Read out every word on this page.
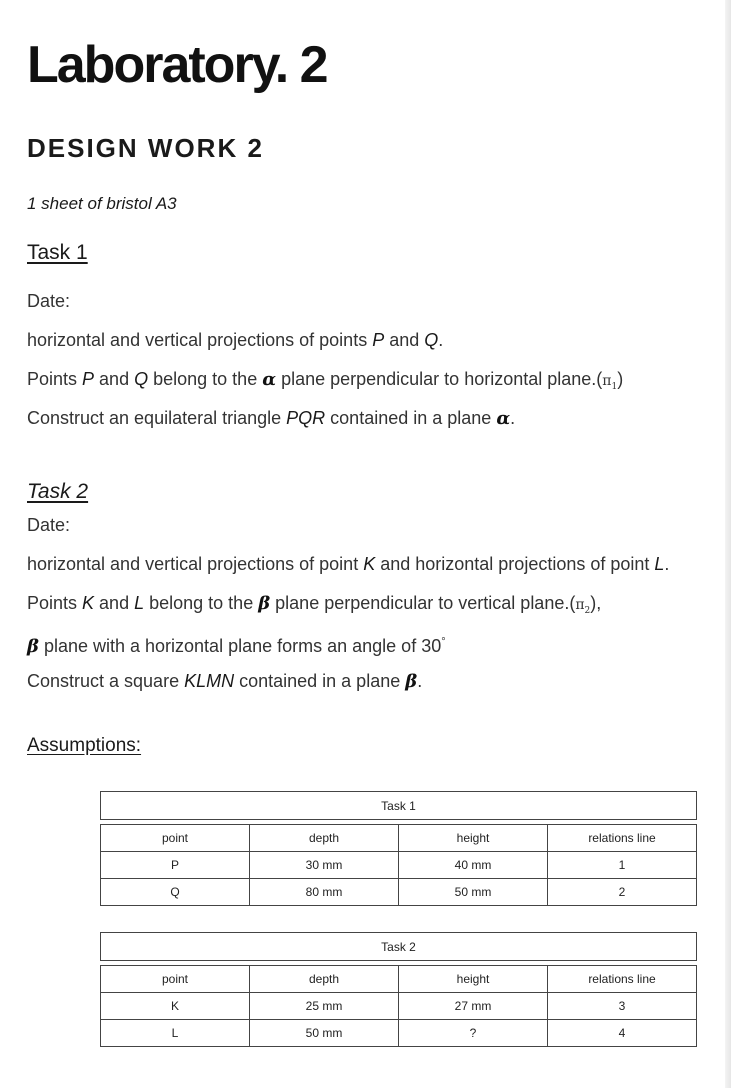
Laboratory. 2
DESIGN WORK 2
1 sheet of bristol A3
Task 1
Date:
horizontal and vertical projections of points P and Q.
Points P and Q belong to the α plane perpendicular to horizontal $plane.(\pi_1)$
Construct an equilateral triangle PQR contained in a plane α.
Task 2
Date:
horizontal and vertical projections of point K and horizontal projections of point L.
Points K and L belong to the β plane perpendicular to vertical $plane.(\pi_2)$,
β plane with a horizontal plane forms an angle of 30°
Construct a square KLMN contained in a plane β.
Assumptions:
Task 1			

point	depth	height	relations line
P	30 mm	40 mm	1
Q	80 mm	50 mm	2
Task 2			

point	depth	height	relations line
K	25 mm	27 mm	3
L	50 mm	?	4
